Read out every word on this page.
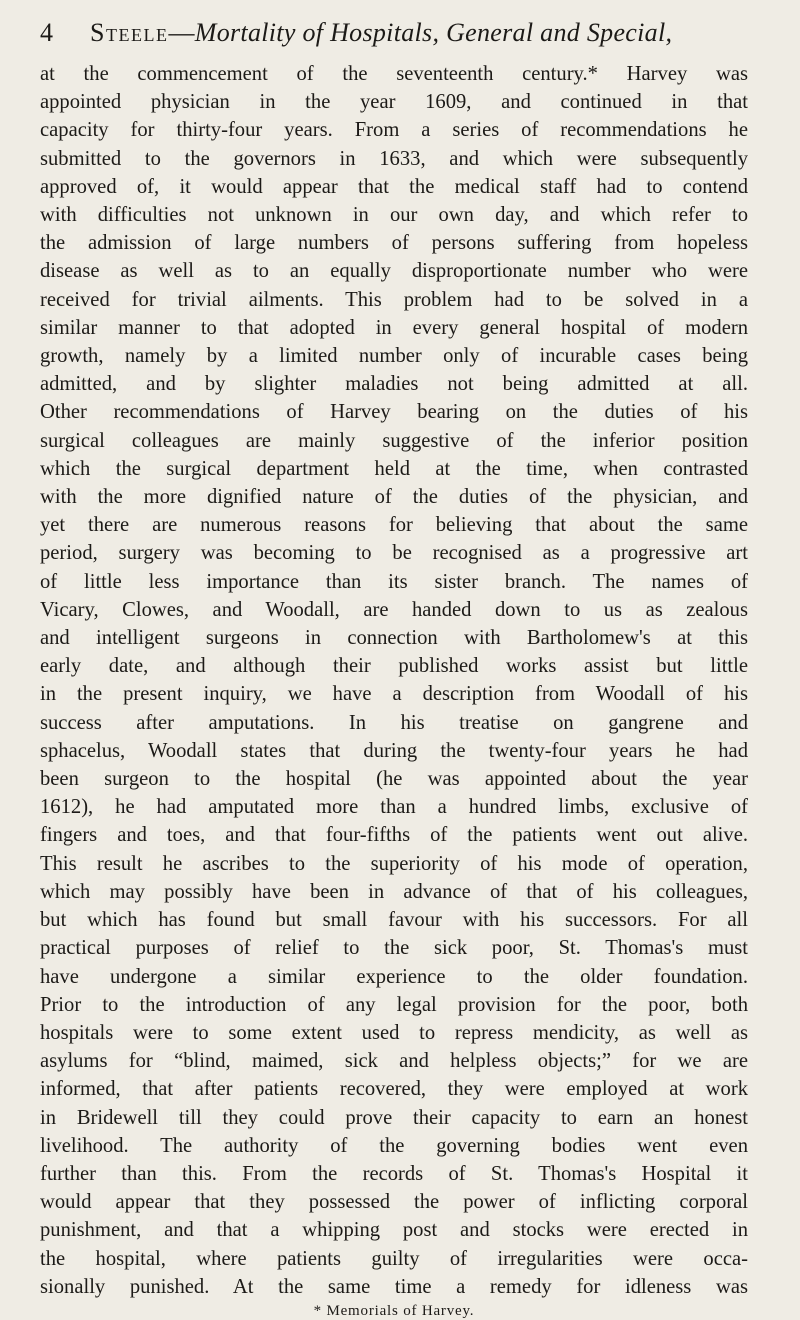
4 Steele—Mortality of Hospitals, General and Special,

at the commencement of the seventeenth century.* Harvey was
appointed physician in the year 1609, and continued in that
capacity for thirty-four years. From a series of recommendations he
submitted to the governors in 1633, and which were subsequently
approved of, it would appear that the medical staff had to contend
with difficulties not unknown in our own day, and which refer to
the admission of large numbers of persons suffering from hopeless
disease as well as to an equally disproportionate number who were
received for trivial ailments. This problem had to be solved in a
similar manner to that adopted in every general hospital of modern
growth, namely by a limited number only of incurable cases being
admitted, and by slighter maladies not being admitted at all.
Other recommendations of Harvey bearing on the duties of his
surgical colleagues are mainly suggestive of the inferior position
which the surgical department held at the time, when contrasted
with the more dignified nature of the duties of the physician, and
yet there are numerous reasons for believing that about the same
period, surgery was becoming to be recognised as a progressive art
of little less importance than its sister branch. The names of
Vicary, Clowes, and Woodall, are handed down to us as zealous
and intelligent surgeons in connection with Bartholomew's at this
early date, and although their published works assist but little
in the present inquiry, we have a description from Woodall of his
success after amputations. In his treatise on gangrene and
sphacelus, Woodall states that during the twenty-four years he had
been surgeon to the hospital (he was appointed about the year
1612), he had amputated more than a hundred limbs, exclusive of
fingers and toes, and that four-fifths of the patients went out alive.
This result he ascribes to the superiority of his mode of operation,
which may possibly have been in advance of that of his colleagues,
but which has found but small favour with his successors. For all
practical purposes of relief to the sick poor, St. Thomas's must
have undergone a similar experience to the older foundation.
Prior to the introduction of any legal provision for the poor, both
hospitals were to some extent used to repress mendicity, as well as
asylums for “blind, maimed, sick and helpless objects;” for we are
informed, that after patients recovered, they were employed at work
in Bridewell till they could prove their capacity to earn an honest
livelihood. The authority of the governing bodies went even
further than this. From the records of St. Thomas's Hospital it
would appear that they possessed the power of inflicting corporal
punishment, and that a whipping post and stocks were erected in
the hospital, where patients guilty of irregularities were occa-
sionally punished. At the same time a remedy for idleness was

* Memorials of Harvey.
